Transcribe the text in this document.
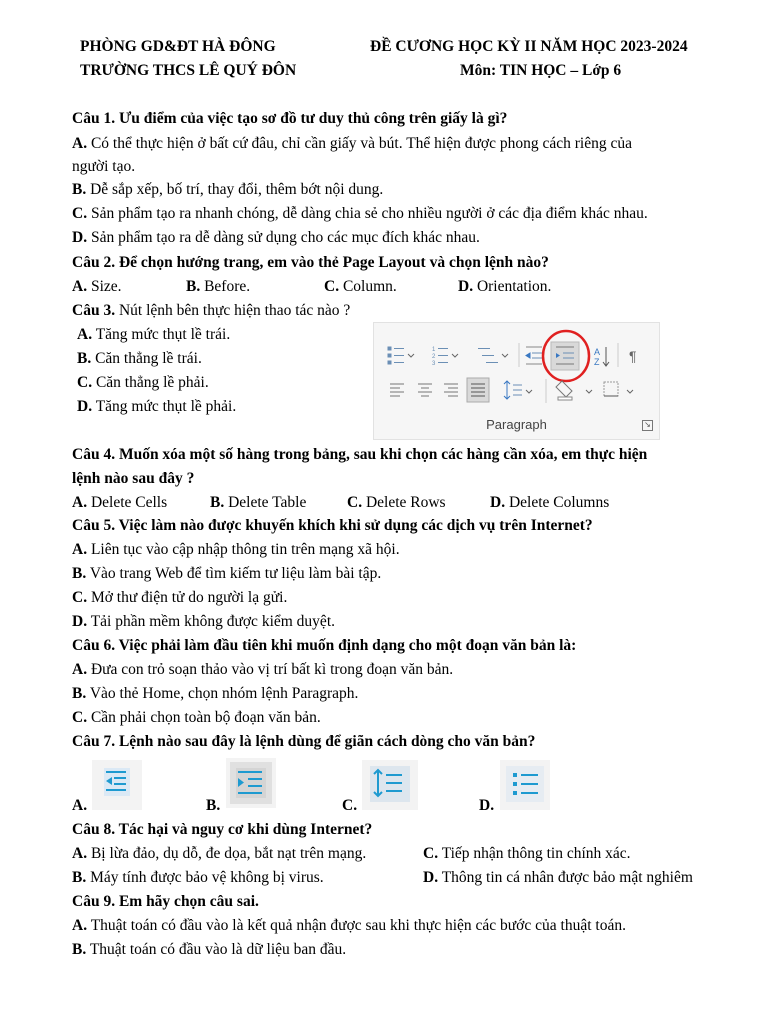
PHÒNG GD&ĐT HÀ ĐÔNG
TRƯỜNG THCS LÊ QUÝ ĐÔN
ĐỀ CƯƠNG HỌC KỲ II NĂM HỌC 2023-2024
Môn: TIN HỌC – Lớp 6
Câu 1. Ưu điểm của việc tạo sơ đồ tư duy thủ công trên giấy là gì?
A. Có thể thực hiện ở bất cứ đâu, chỉ cần giấy và bút. Thể hiện được phong cách riêng của
người tạo.
B. Dễ sắp xếp, bố trí, thay đổi, thêm bớt nội dung.
C. Sản phẩm tạo ra nhanh chóng, dễ dàng chia sẻ cho nhiều người ở các địa điểm khác nhau.
D. Sản phẩm tạo ra dễ dàng sử dụng cho các mục đích khác nhau.
Câu 2. Để chọn hướng trang, em vào thẻ Page Layout và chọn lệnh nào?
A. Size.	B. Before.	C. Column.	D. Orientation.
Câu 3. Nút lệnh bên thực hiện thao tác nào ?
A. Tăng mức thụt lề trái.
B. Căn thẳng lề trái.
C. Căn thẳng lề phải.
D. Tăng mức thụt lề phải.
1
2
3
A
Z ¶
Paragraph	↘
Câu 4. Muốn xóa một số hàng trong bảng, sau khi chọn các hàng cần xóa, em thực hiện
lệnh nào sau đây ?
A. Delete Cells	B. Delete Table	C. Delete Rows	D. Delete Columns
Câu 5. Việc làm nào được khuyến khích khi sử dụng các dịch vụ trên Internet?
A. Liên tục vào cập nhập thông tin trên mạng xã hội.
B. Vào trang Web để tìm kiếm tư liệu làm bài tập.
C. Mở thư điện tử do người lạ gửi.
D. Tải phần mềm không được kiểm duyệt.
Câu 6. Việc phải làm đầu tiên khi muốn định dạng cho một đoạn văn bản là:
A. Đưa con trỏ soạn thảo vào vị trí bất kì trong đoạn văn bản.
B. Vào thẻ Home, chọn nhóm lệnh Paragraph.
C. Cần phải chọn toàn bộ đoạn văn bản.
Câu 7. Lệnh nào sau đây là lệnh dùng để giãn cách dòng cho văn bản?
A.	B.	C.	D.
Câu 8. Tác hại và nguy cơ khi dùng Internet?
A. Bị lừa đảo, dụ dỗ, đe dọa, bắt nạt trên mạng.	C. Tiếp nhận thông tin chính xác.
B. Máy tính được bảo vệ không bị virus.	D. Thông tin cá nhân được bảo mật nghiêm
Câu 9. Em hãy chọn câu sai.
A. Thuật toán có đầu vào là kết quả nhận được sau khi thực hiện các bước của thuật toán.
B. Thuật toán có đầu vào là dữ liệu ban đầu.
